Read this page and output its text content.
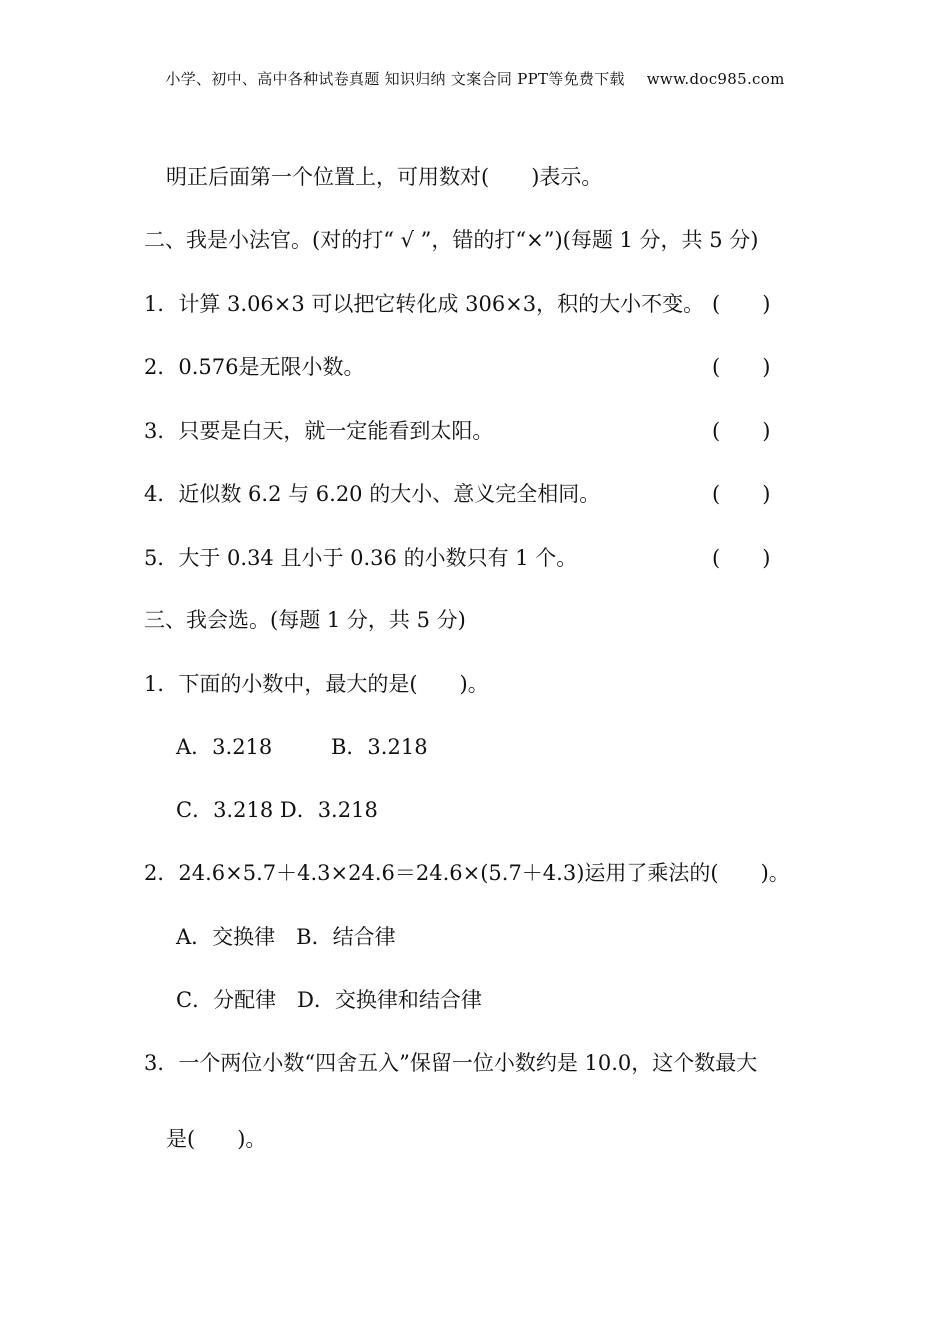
小学、初中、高中各种试卷真题 知识归纳 文案合同 PPT等免费下载 www.doc985.com
明正后面第一个位置上，可用数对(　　)表示。
二、我是小法官。(对的打“ √ ”，错的打“×”)(每题 1 分，共 5 分)
1．计算 3.06×3 可以把它转化成 306×3，积的大小不变。 (　　)
2．0.576是无限小数。	(　　)
3．只要是白天，就一定能看到太阳。	(　　)
4．近似数 6.2 与 6.20 的大小、意义完全相同。	(　　)
5．大于 0.34 且小于 0.36 的小数只有 1 个。	(　　)
三、我会选。(每题 1 分，共 5 分)
1．下面的小数中，最大的是(　　)。
A．3.218	B．3.218
C．3.218 D．3.218
2．24.6×5.7＋4.3×24.6＝24.6×(5.7＋4.3)运用了乘法的(　　)。
A．交换律　B．结合律
C．分配律　D．交换律和结合律
3．一个两位小数“四舍五入”保留一位小数约是 10.0，这个数最大
是(　　)。
